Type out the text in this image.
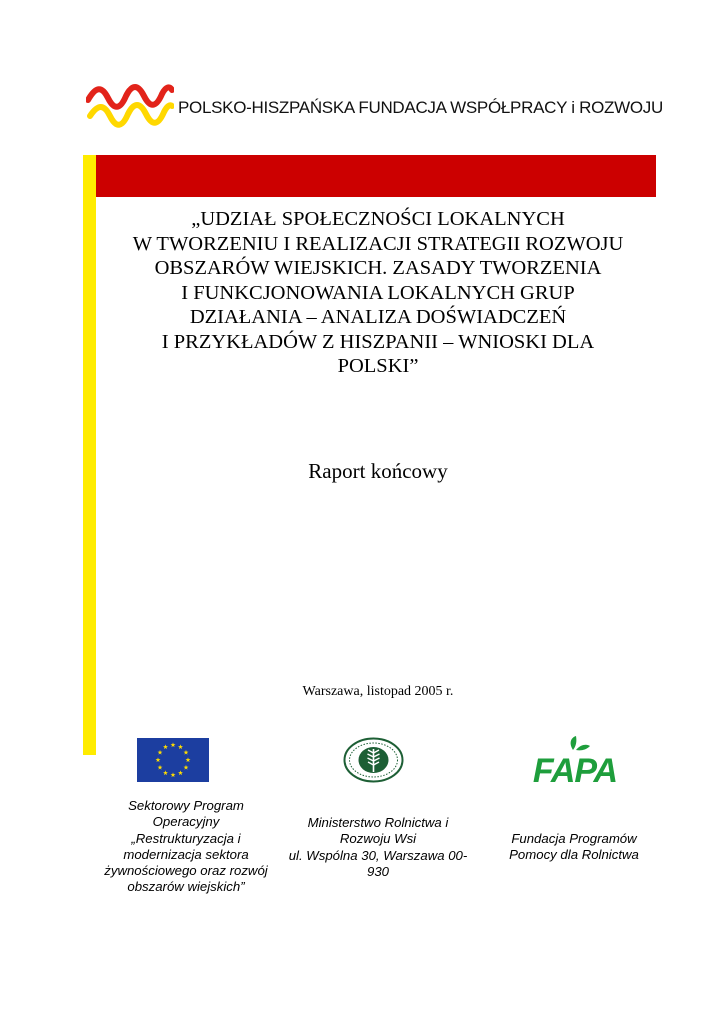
POLSKO-HISZPAŃSKA FUNDACJA WSPÓŁPRACY i ROZWOJU
„UDZIAŁ SPOŁECZNOŚCI LOKALNYCH
W TWORZENIU I REALIZACJI STRATEGII ROZWOJU
OBSZARÓW WIEJSKICH. ZASADY TWORZENIA
I FUNKCJONOWANIA LOKALNYCH GRUP
DZIAŁANIA – ANALIZA DOŚWIADCZEŃ
I PRZYKŁADÓW Z HISZPANII – WNIOSKI DLA
POLSKI”
Raport końcowy
Warszawa, listopad 2005 r.
FAPA
Sektorowy Program
Operacyjny
„Restrukturyzacja i
modernizacja sektora
żywnościowego oraz rozwój
obszarów wiejskich”
Ministerstwo Rolnictwa i
Rozwoju Wsi
ul. Wspólna 30, Warszawa 00-
930
Fundacja Programów
Pomocy dla Rolnictwa
